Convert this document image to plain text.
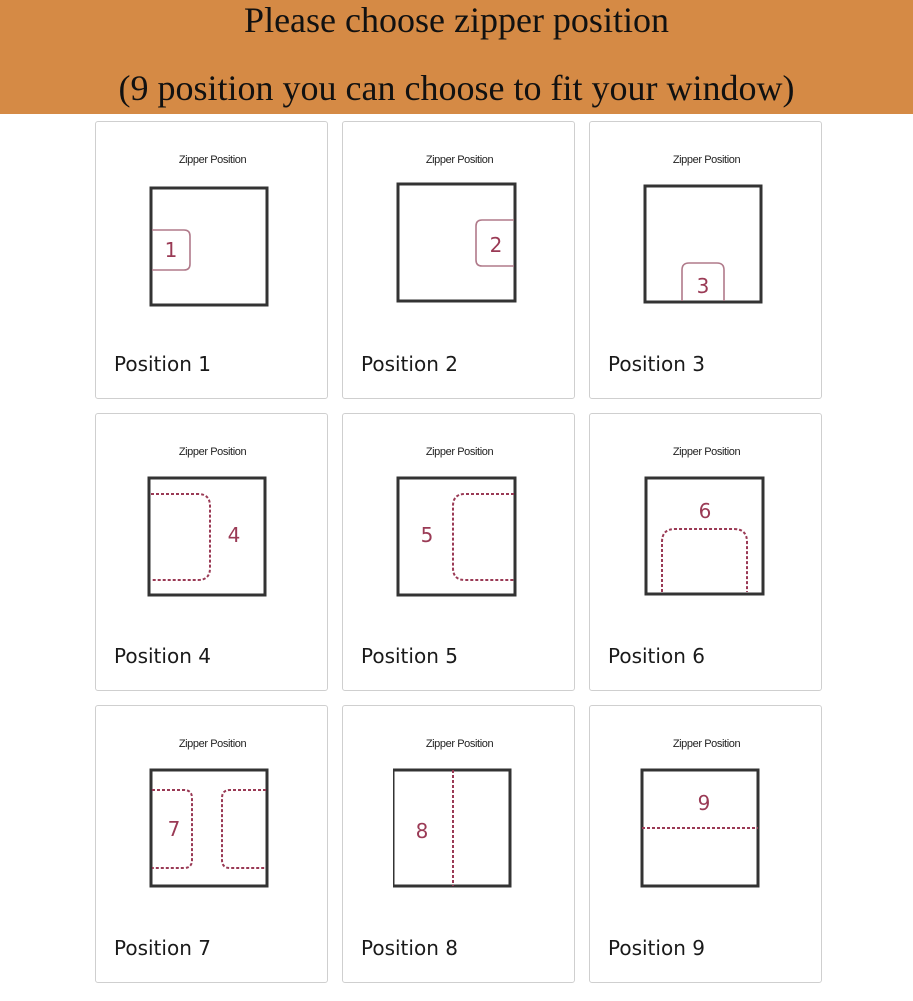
Please choose zipper position
(9 position you can choose to fit your window)
Zipper Position
1
Position 1
Zipper Position
2
Position 2
Zipper Position
3
Position 3
Zipper Position
4
Position 4
Zipper Position
5
Position 5
Zipper Position
6
Position 6
Zipper Position
7
Position 7
Zipper Position
8
Position 8
Zipper Position
9
Position 9
